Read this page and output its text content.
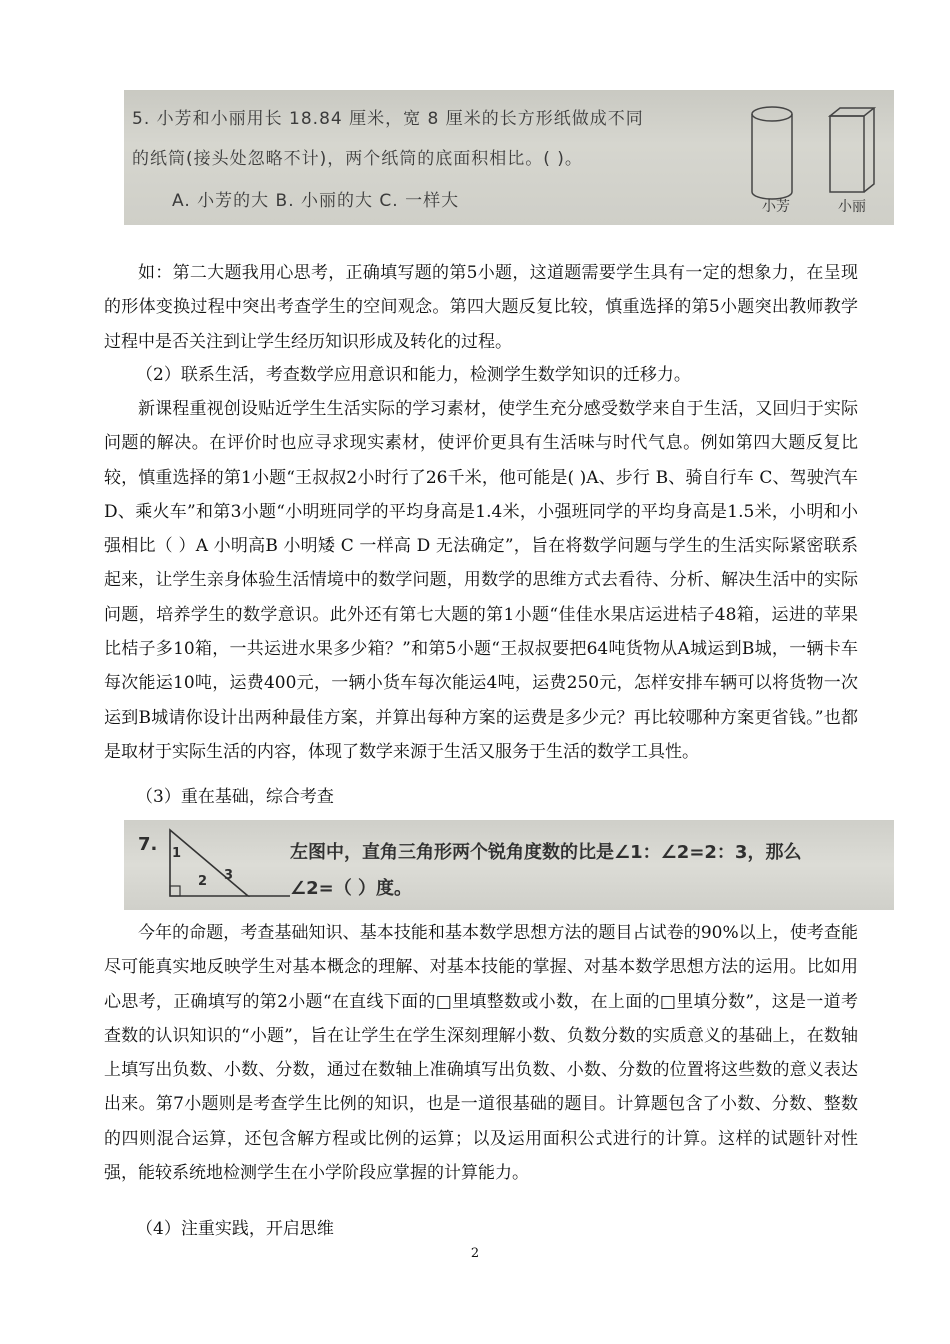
5. 小芳和小丽用长 18.84 厘米，宽 8 厘米的长方形纸做成不同
的纸筒(接头处忽略不计)，两个纸筒的底面积相比。( )。
A. 小芳的大 B. 小丽的大 C. 一样大	小芳	小丽
如：第二大题我用心思考，正确填写题的第5小题，这道题需要学生具有一定的想象力，在呈现的形体变换过程中突出考查学生的空间观念。第四大题反复比较，慎重选择的第5小题突出教师教学过程中是否关注到让学生经历知识形成及转化的过程。
（2）联系生活，考查数学应用意识和能力，检测学生数学知识的迁移力。
新课程重视创设贴近学生生活实际的学习素材，使学生充分感受数学来自于生活，又回归于实际问题的解决。在评价时也应寻求现实素材，使评价更具有生活味与时代气息。例如第四大题反复比较，慎重选择的第1小题“王叔叔2小时行了26千米，他可能是( )A、步行 B、骑自行车 C、驾驶汽车 D、乘火车”和第3小题“小明班同学的平均身高是1.4米，小强班同学的平均身高是1.5米，小明和小强相比（ ）A 小明高B 小明矮 C 一样高 D 无法确定”，旨在将数学问题与学生的生活实际紧密联系起来，让学生亲身体验生活情境中的数学问题，用数学的思维方式去看待、分析、解决生活中的实际问题，培养学生的数学意识。此外还有第七大题的第1小题“佳佳水果店运进桔子48箱，运进的苹果比桔子多10箱，一共运进水果多少箱？”和第5小题“王叔叔要把64吨货物从A城运到B城，一辆卡车每次能运10吨，运费400元，一辆小货车每次能运4吨，运费250元，怎样安排车辆可以将货物一次运到B城请你设计出两种最佳方案，并算出每种方案的运费是多少元？再比较哪种方案更省钱。”也都是取材于实际生活的内容，体现了数学来源于生活又服务于生活的数学工具性。
（3）重在基础，综合考查
7. 1
2 3
左图中，直角三角形两个锐角度数的比是∠1：∠2=2：3，那么
∠2=（ ）度。
今年的命题，考查基础知识、基本技能和基本数学思想方法的题目占试卷的90%以上，使考查能尽可能真实地反映学生对基本概念的理解、对基本技能的掌握、对基本数学思想方法的运用。比如用心思考，正确填写的第2小题“在直线下面的□里填整数或小数，在上面的□里填分数”，这是一道考查数的认识知识的“小题”，旨在让学生在学生深刻理解小数、负数分数的实质意义的基础上，在数轴上填写出负数、小数、分数，通过在数轴上准确填写出负数、小数、分数的位置将这些数的意义表达出来。第7小题则是考查学生比例的知识，也是一道很基础的题目。计算题包含了小数、分数、整数的四则混合运算，还包含解方程或比例的运算；以及运用面积公式进行的计算。这样的试题针对性强，能较系统地检测学生在小学阶段应掌握的计算能力。
（4）注重实践，开启思维
2
